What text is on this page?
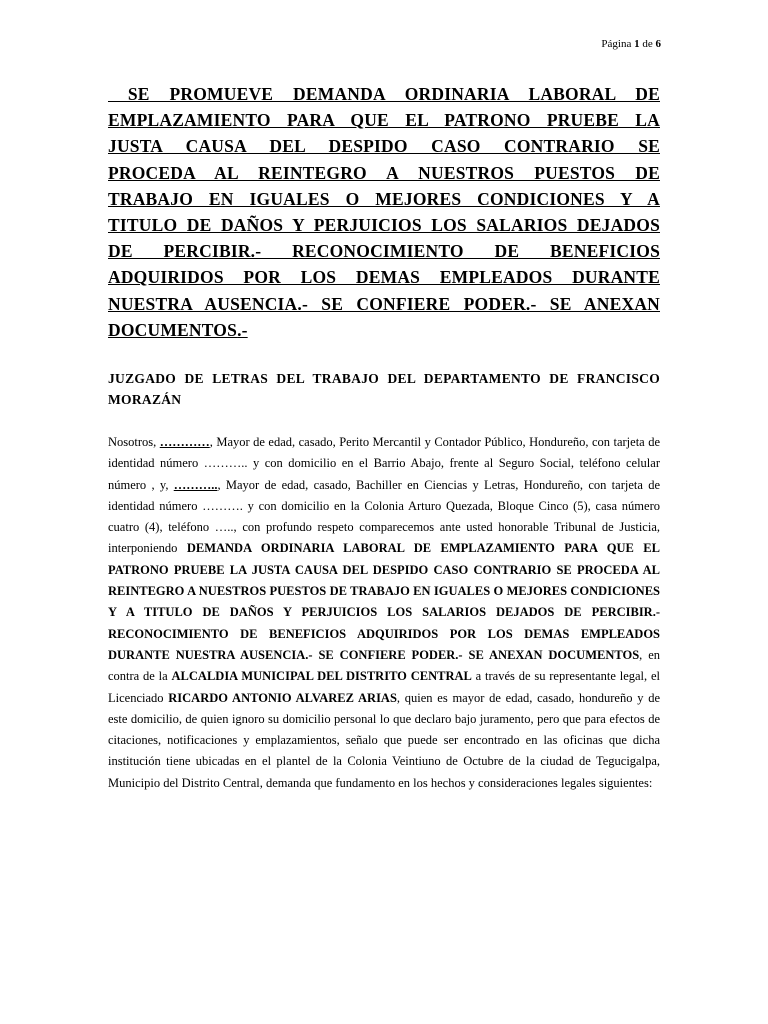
Página 1 de 6
SE PROMUEVE DEMANDA ORDINARIA LABORAL DE
EMPLAZAMIENTO PARA QUE EL PATRONO PRUEBE LA
JUSTA CAUSA DEL DESPIDO CASO CONTRARIO SE
PROCEDA AL REINTEGRO A NUESTROS PUESTOS DE
TRABAJO EN IGUALES O MEJORES CONDICIONES Y A
TITULO DE DAÑOS Y PERJUICIOS LOS SALARIOS DEJADOS
DE PERCIBIR.- RECONOCIMIENTO DE BENEFICIOS
ADQUIRIDOS POR LOS DEMAS EMPLEADOS DURANTE
NUESTRA AUSENCIA.- SE CONFIERE PODER.- SE ANEXAN
DOCUMENTOS.-
JUZGADO DE LETRAS DEL TRABAJO DEL DEPARTAMENTO DE FRANCISCO MORAZÁN
Nosotros, …………, Mayor de edad, casado, Perito Mercantil y Contador Público, Hondureño, con tarjeta de identidad número ……….. y con domicilio en el Barrio Abajo, frente al Seguro Social, teléfono celular número , y, ……….., Mayor de edad, casado, Bachiller en Ciencias y Letras, Hondureño, con tarjeta de identidad número ………. y con domicilio en la Colonia Arturo Quezada, Bloque Cinco (5), casa número cuatro (4), teléfono ….., con profundo respeto comparecemos ante usted honorable Tribunal de Justicia, interponiendo DEMANDA ORDINARIA LABORAL DE EMPLAZAMIENTO PARA QUE EL PATRONO PRUEBE LA JUSTA CAUSA DEL DESPIDO CASO CONTRARIO SE PROCEDA AL REINTEGRO A NUESTROS PUESTOS DE TRABAJO EN IGUALES O MEJORES CONDICIONES Y A TITULO DE DAÑOS Y PERJUICIOS LOS SALARIOS DEJADOS DE PERCIBIR.- RECONOCIMIENTO DE BENEFICIOS ADQUIRIDOS POR LOS DEMAS EMPLEADOS DURANTE NUESTRA AUSENCIA.- SE CONFIERE PODER.- SE ANEXAN DOCUMENTOS, en contra de la ALCALDIA MUNICIPAL DEL DISTRITO CENTRAL a través de su representante legal, el Licenciado RICARDO ANTONIO ALVAREZ ARIAS, quien es mayor de edad, casado, hondureño y de este domicilio, de quien ignoro su domicilio personal lo que declaro bajo juramento, pero que para efectos de citaciones, notificaciones y emplazamientos, señalo que puede ser encontrado en las oficinas que dicha institución tiene ubicadas en el plantel de la Colonia Veintiuno de Octubre de la ciudad de Tegucigalpa, Municipio del Distrito Central, demanda que fundamento en los hechos y consideraciones legales siguientes:
